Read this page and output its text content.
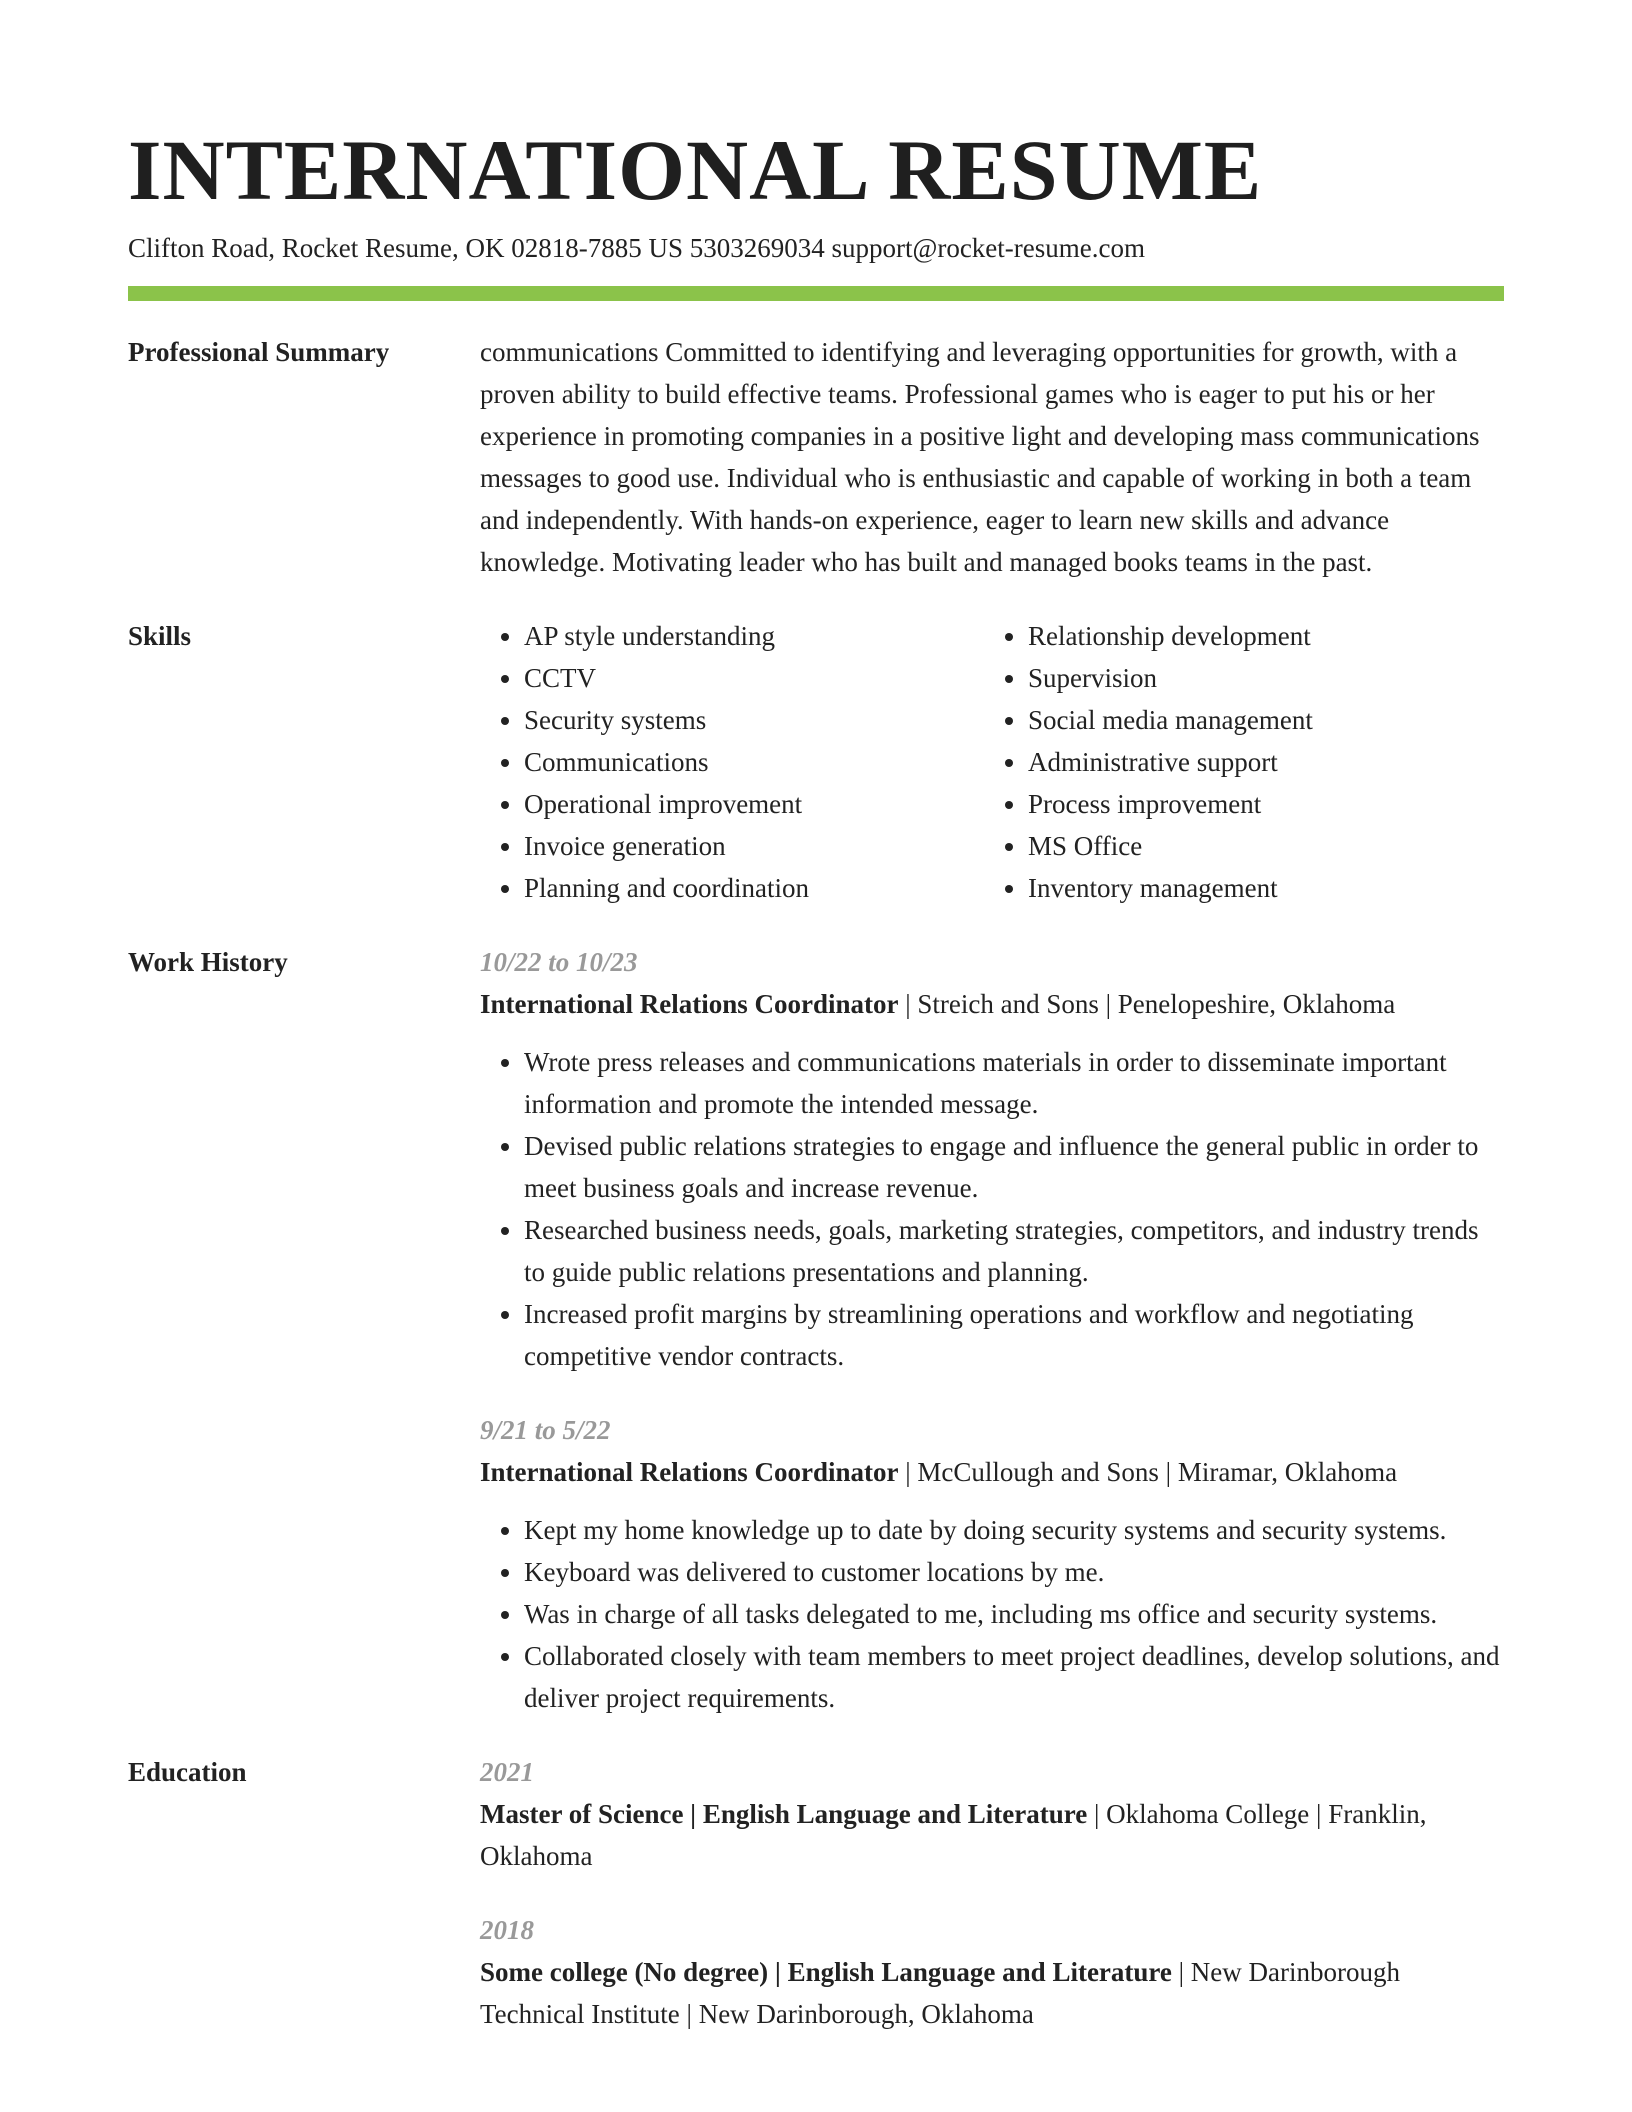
INTERNATIONAL RESUME
Clifton Road, Rocket Resume, OK 02818-7885 US 5303269034 support@rocket-resume.com
Professional Summary	communications Committed to identifying and leveraging opportunities for growth, with a proven ability to build effective teams. Professional games who is eager to put his or her experience in promoting companies in a positive light and developing mass communications messages to good use. Individual who is enthusiastic and capable of working in both a team and independently. With hands-on experience, eager to learn new skills and advance knowledge. Motivating leader who has built and managed books teams in the past.
Skills
•	AP style understanding
• CCTV
• Security systems
• Communications
• Operational improvement
• Invoice generation
• Planning and coordination
• Relationship development
• Supervision
• Social media management
• Administrative support
• Process improvement
• MS Office
• Inventory management
Work History	10/22 to 10/23
International Relations Coordinator | Streich and Sons | Penelopeshire, Oklahoma
• Wrote press releases and communications materials in order to disseminate important information and promote the intended message.
• Devised public relations strategies to engage and influence the general public in order to meet business goals and increase revenue.
• Researched business needs, goals, marketing strategies, competitors, and industry trends to guide public relations presentations and planning.
• Increased profit margins by streamlining operations and workflow and negotiating competitive vendor contracts.
9/21 to 5/22
International Relations Coordinator | McCullough and Sons | Miramar, Oklahoma
• Kept my home knowledge up to date by doing security systems and security systems.
• Keyboard was delivered to customer locations by me.
• Was in charge of all tasks delegated to me, including ms office and security systems.
• Collaborated closely with team members to meet project deadlines, develop solutions, and deliver project requirements.
Education	2021
Master of Science | English Language and Literature | Oklahoma College | Franklin, Oklahoma
2018
Some college (No degree) | English Language and Literature | New Darinborough Technical Institute | New Darinborough, Oklahoma
